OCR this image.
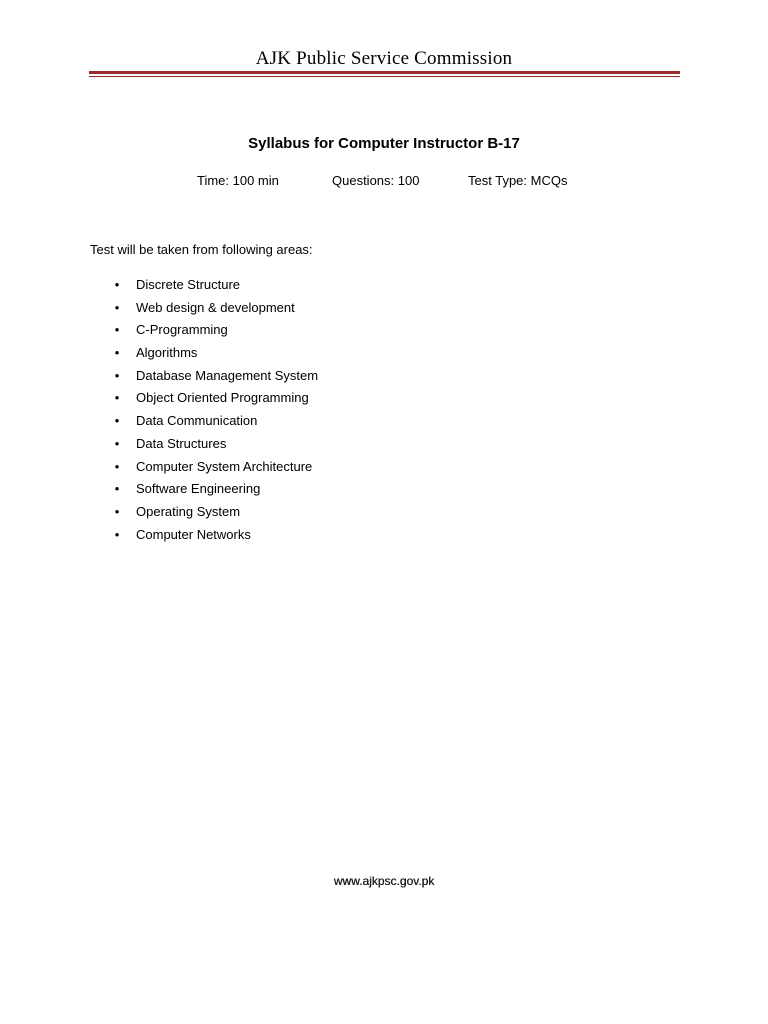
AJK Public Service Commission
Syllabus for Computer Instructor B-17
Time: 100 min	Questions: 100	Test Type: MCQs
Test will be taken from following areas:
• Discrete Structure
• Web design & development
• C-Programming
• Algorithms
• Database Management System
• Object Oriented Programming
• Data Communication
• Data Structures
• Computer System Architecture
• Software Engineering
• Operating System
• Computer Networks
www.ajkpsc.gov.pk
